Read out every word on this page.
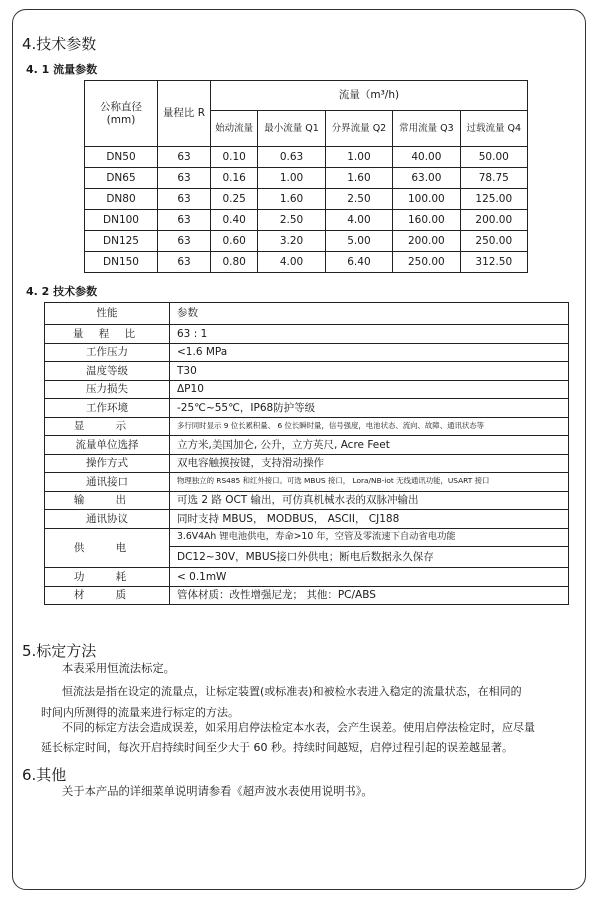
4.技术参数
4. 1 流量参数
公称直径 (mm)	量程比 R	流量（m³/h)				
		始动流量	最小流量 Q1	分界流量 Q2	常用流量 Q3	过载流量 Q4
DN50	63	0.10	0.63	1.00	40.00	50.00
DN65	63	0.16	1.00	1.60	63.00	78.75
DN80	63	0.25	1.60	2.50	100.00	125.00
DN100	63	0.40	2.50	4.00	160.00	200.00
DN125	63	0.60	3.20	5.00	200.00	250.00
DN150	63	0.80	4.00	6.40	250.00	312.50
4. 2 技术参数
性能	参数
量 程 比	63 : 1
工作压力	<1.6 MPa
温度等级	T30
压力损失	ΔP10
工作环境	-25℃~55℃，IP68防护等级
显 示	多行同时显示 9 位长累积量、 6 位长瞬时量，信号强度，电池状态、流向、故障、通讯状态等
流量单位选择	立方米,美国加仑, 公升，立方英尺, Acre Feet
操作方式	双电容触摸按键，支持滑动操作
通讯接口	物理独立的 RS485 和红外接口。可选 MBUS 接口， Lora/NB-iot 无线通讯功能，USART 接口
输 出	可选 2 路 OCT 输出，可仿真机械水表的双脉冲输出
通讯协议	同时支持 MBUS， MODBUS， ASCII， CJ188
供 电	3.6V4Ah 锂电池供电，寿命>10 年，空管及零流速下自动省电功能
	DC12~30V，MBUS接口外供电；断电后数据永久保存
功 耗	< 0.1mW
材 质	管体材质：改性增强尼龙； 其他：PC/ABS
5.标定方法

本表采用恒流法标定。

恒流法是指在设定的流量点，让标定装置(或标准表)和被检水表进入稳定的流量状态，在相同的

时间内所测得的流量来进行标定的方法。

不同的标定方法会造成误差，如采用启停法检定本水表，会产生误差。使用启停法检定时，应尽量

延长标定时间，每次开启持续时间至少大于 60 秒。持续时间越短，启停过程引起的误差越显著。

6.其他

关于本产品的详细菜单说明请参看《超声波水表使用说明书》。
